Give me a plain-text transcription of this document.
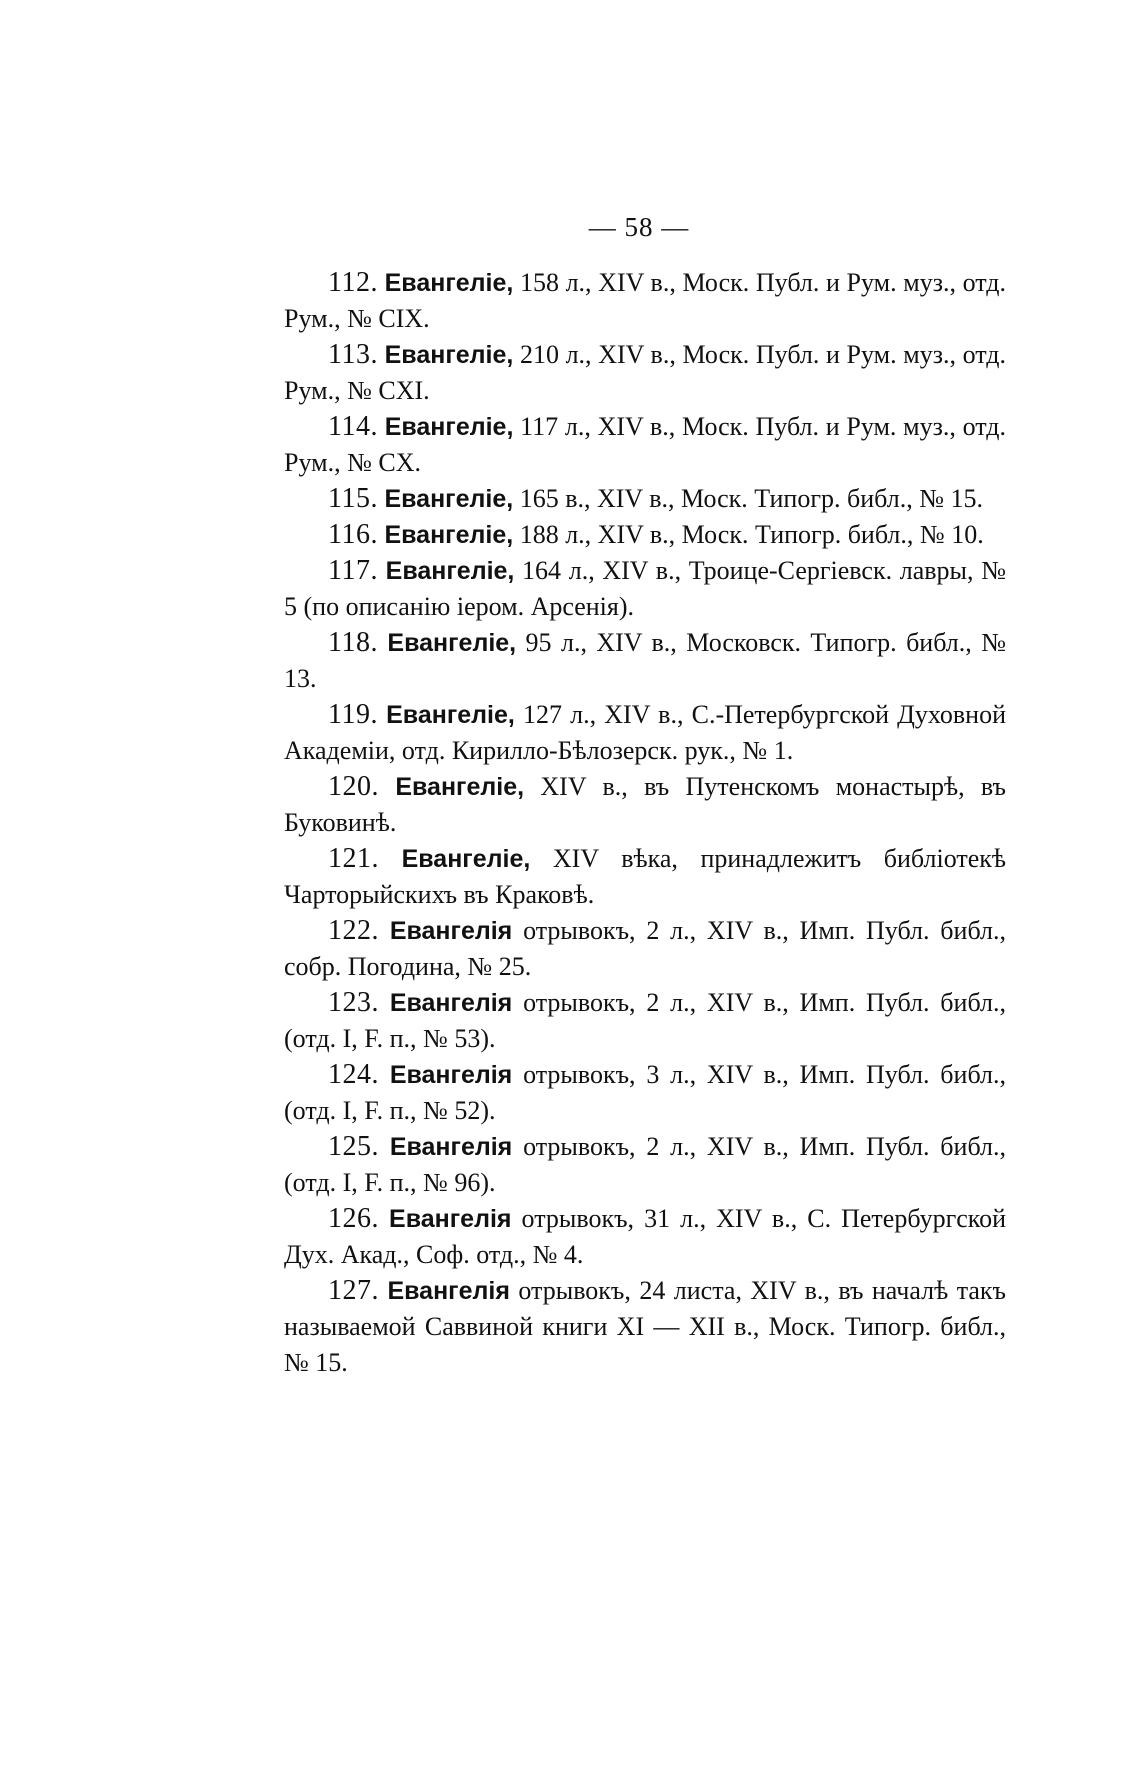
— 58 —
112. Евангеліе, 158 л., XIV в., Моск. Публ. и Рум. муз., отд. Рум., № CIX.
113. Евангеліе, 210 л., XIV в., Моск. Публ. и Рум. муз., отд. Рум., № CXI.
114. Евангеліе, 117 л., XIV в., Моск. Публ. и Рум. муз., отд. Рум., № CX.
115. Евангеліе, 165 в., XIV в., Моск. Типогр. библ., № 15.
116. Евангеліе, 188 л., XIV в., Моск. Типогр. библ., № 10.
117. Евангеліе, 164 л., XIV в., Троице-Сергіевск. лавры, № 5 (по описанію іером. Арсенія).
118. Евангеліе, 95 л., XIV в., Московск. Типогр. библ., № 13.
119. Евангеліе, 127 л., XIV в., С.-Петербургской Духовной Академіи, отд. Кирилло-Бѣлозерск. рук., № 1.
120. Евангеліе, XIV в., въ Путенскомъ монастырѣ, въ Буковинѣ.
121. Евангеліе, XIV вѣка, принадлежитъ библіотекѣ Чарторыйскихъ въ Краковѣ.
122. Евангелія отрывокъ, 2 л., XIV в., Имп. Публ. библ., собр. Погодина, № 25.
123. Евангелія отрывокъ, 2 л., XIV в., Имп. Публ. библ., (отд. I, F. п., № 53).
124. Евангелія отрывокъ, 3 л., XIV в., Имп. Публ. библ., (отд. I, F. п., № 52).
125. Евангелія отрывокъ, 2 л., XIV в., Имп. Публ. библ., (отд. I, F. п., № 96).
126. Евангелія отрывокъ, 31 л., XIV в., С. Петербургской Дух. Акад., Соф. отд., № 4.
127. Евангелія отрывокъ, 24 листа, XIV в., въ началѣ такъ называемой Саввиной книги XI — XII в., Моск. Типогр. библ., № 15.
